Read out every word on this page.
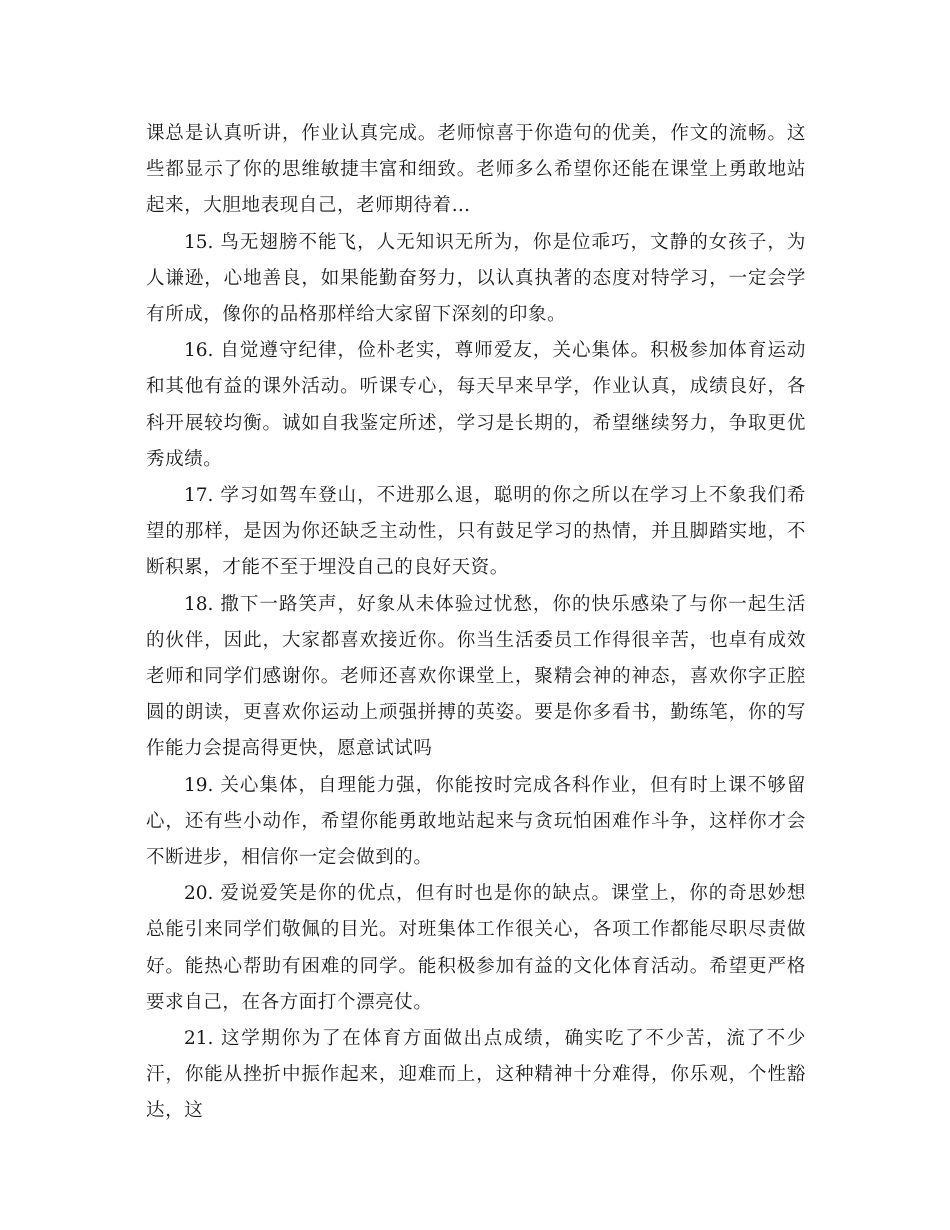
课总是认真听讲，作业认真完成。老师惊喜于你造句的优美，作文的流畅。这些都显示了你的思维敏捷丰富和细致。老师多么希望你还能在课堂上勇敢地站起来，大胆地表现自己，老师期待着…

15. 鸟无翅膀不能飞，人无知识无所为，你是位乖巧，文静的女孩子，为人谦逊，心地善良，如果能勤奋努力，以认真执著的态度对特学习，一定会学有所成，像你的品格那样给大家留下深刻的印象。

16. 自觉遵守纪律，俭朴老实，尊师爱友，关心集体。积极参加体育运动和其他有益的课外活动。听课专心，每天早来早学，作业认真，成绩良好，各科开展较均衡。诚如自我鉴定所述，学习是长期的，希望继续努力，争取更优秀成绩。

17. 学习如驾车登山，不进那么退，聪明的你之所以在学习上不象我们希望的那样，是因为你还缺乏主动性，只有鼓足学习的热情，并且脚踏实地，不断积累，才能不至于埋没自己的良好天资。

18. 撒下一路笑声，好象从未体验过忧愁，你的快乐感染了与你一起生活的伙伴，因此，大家都喜欢接近你。你当生活委员工作得很辛苦，也卓有成效老师和同学们感谢你。老师还喜欢你课堂上，聚精会神的神态，喜欢你字正腔圆的朗读，更喜欢你运动上顽强拼搏的英姿。要是你多看书，勤练笔，你的写作能力会提高得更快，愿意试试吗

19. 关心集体，自理能力强，你能按时完成各科作业，但有时上课不够留心，还有些小动作，希望你能勇敢地站起来与贪玩怕困难作斗争，这样你才会不断进步，相信你一定会做到的。

20. 爱说爱笑是你的优点，但有时也是你的缺点。课堂上，你的奇思妙想总能引来同学们敬佩的目光。对班集体工作很关心，各项工作都能尽职尽责做好。能热心帮助有困难的同学。能积极参加有益的文化体育活动。希望更严格要求自己，在各方面打个漂亮仗。

21. 这学期你为了在体育方面做出点成绩，确实吃了不少苦，流了不少汗，你能从挫折中振作起来，迎难而上，这种精神十分难得，你乐观，个性豁达，这
